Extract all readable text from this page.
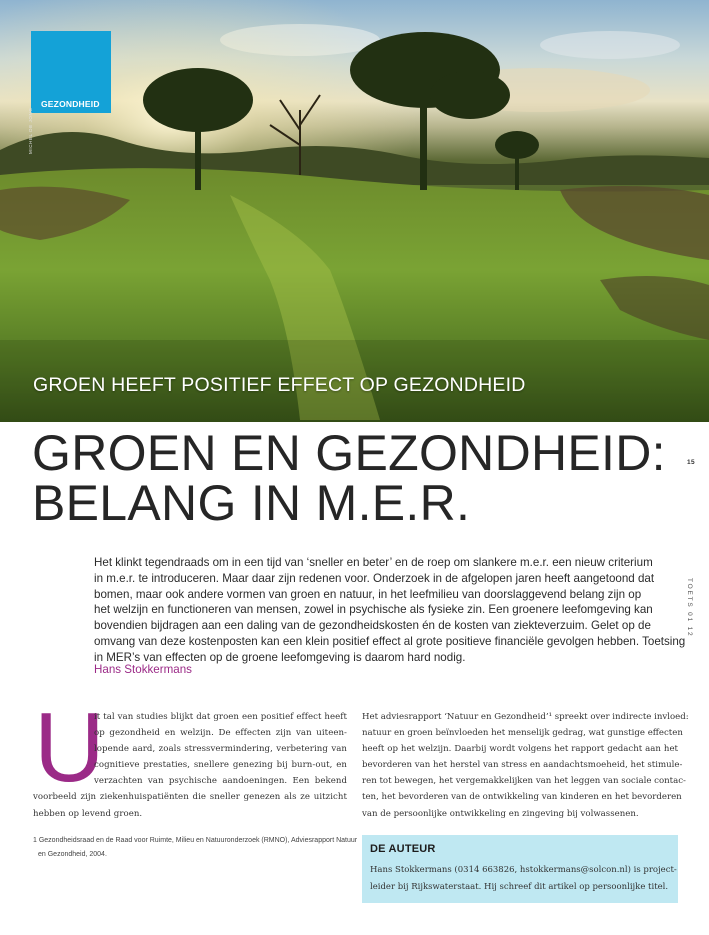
GEZONDHEID
MICHEL DE JONG
GROEN HEEFT POSITIEF EFFECT OP GEZONDHEID
GROEN EN GEZONDHEID:
BELANG IN M.E.R.
15
TOETS 01 12
Het klinkt tegendraads om in een tijd van ‘sneller en beter’ en de roep om slankere m.e.r. een nieuw criterium
in m.e.r. te introduceren. Maar daar zijn redenen voor. Onderzoek in de afgelopen jaren heeft aangetoond dat
bomen, maar ook andere vormen van groen en natuur, in het leefmilieu van doorslaggevend belang zijn op
het welzijn en functioneren van mensen, zowel in psychische als fysieke zin. Een groenere leefomgeving kan
bovendien bijdragen aan een daling van de gezondheidskosten én de kosten van ziekteverzuim. Gelet op de
omvang van deze kostenposten kan een klein positief effect al grote positieve financiële gevolgen hebben. Toetsing
in MER’s van effecten op de groene leefomgeving is daarom hard nodig.
Hans Stokkermans
U
it tal van studies blijkt dat groen een positief effect heeft
op gezondheid en welzijn. De effecten zijn van uiteen-
lopende aard, zoals stressvermindering, verbetering van
cognitieve prestaties, snellere genezing bij burn-out, en
verzachten van psychische aandoeningen. Een bekend
voorbeeld zijn ziekenhuispatiënten die sneller genezen als ze uitzicht
hebben op levend groen.
Het adviesrapport ‘Natuur en Gezondheid’¹ spreekt over indirecte invloed:
natuur en groen beïnvloeden het menselijk gedrag, wat gunstige effecten
heeft op het welzijn. Daarbij wordt volgens het rapport gedacht aan het
bevorderen van het herstel van stress en aandachtsmoeheid, het stimule-
ren tot bewegen, het vergemakkelijken van het leggen van sociale contac-
ten, het bevorderen van de ontwikkeling van kinderen en het bevorderen
van de persoonlijke ontwikkeling en zingeving bij volwassenen.
1 Gezondheidsraad en de Raad voor Ruimte, Milieu en Natuuronderzoek (RMNO), Adviesrapport Natuur
en Gezondheid, 2004.	DE AUTEUR
Hans Stokkermans (0314 663826, hstokkermans@solcon.nl) is project-
leider bij Rijkswaterstaat. Hij schreef dit artikel op persoonlijke titel.
